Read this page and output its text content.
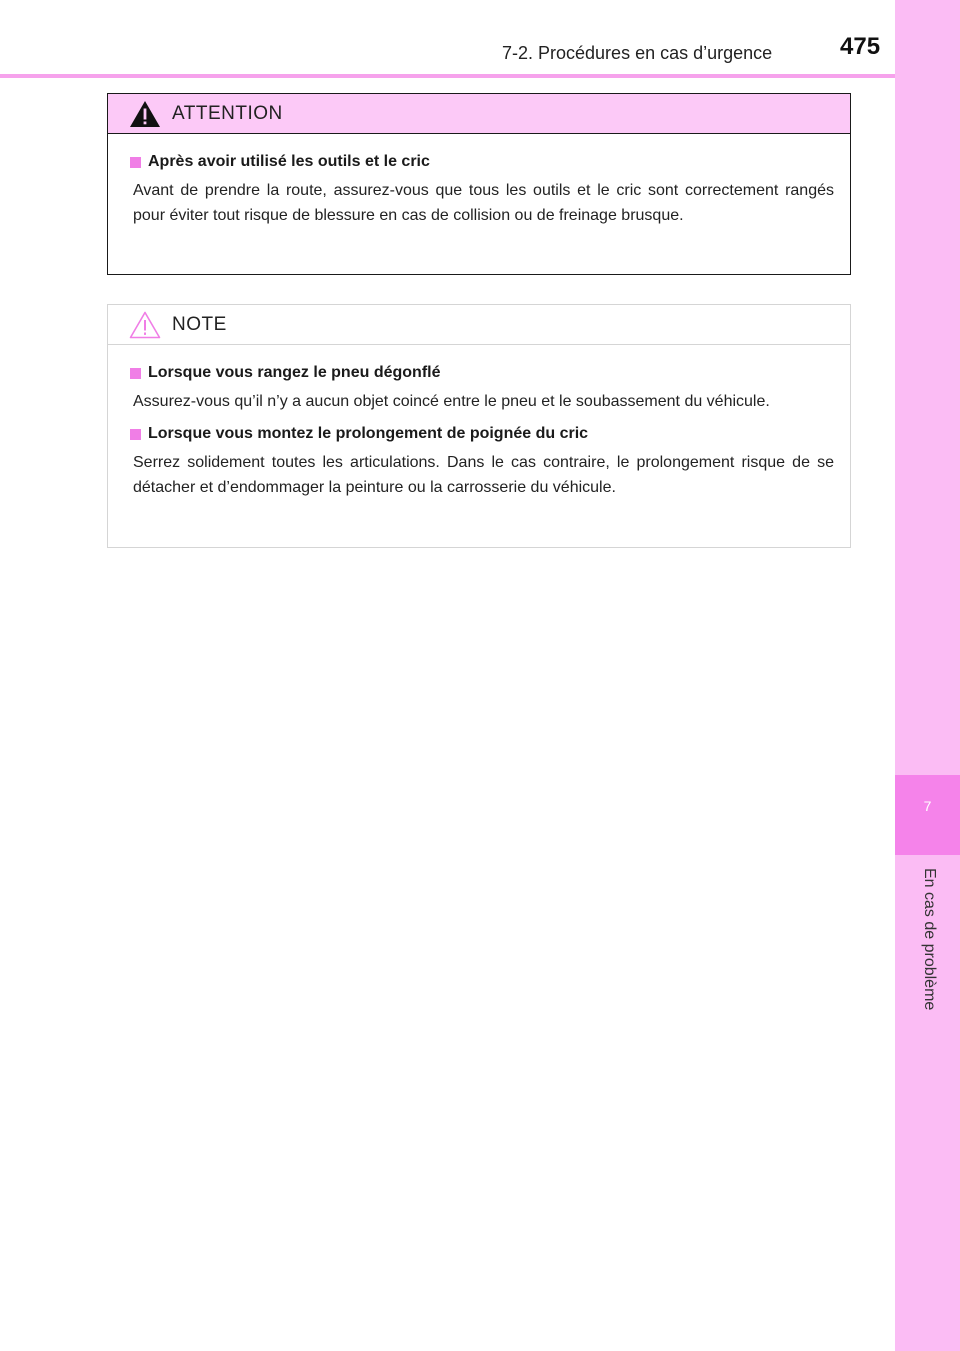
7-2. Procédures en cas d’urgence	475
7
En cas de problème
ATTENTION
Après avoir utilisé les outils et le cric
Avant de prendre la route, assurez-vous que tous les outils et le cric sont correctement rangés pour éviter tout risque de blessure en cas de collision ou de freinage brusque.
NOTE
Lorsque vous rangez le pneu dégonflé
Assurez-vous qu’il n’y a aucun objet coincé entre le pneu et le soubassement du véhicule.
Lorsque vous montez le prolongement de poignée du cric
Serrez solidement toutes les articulations. Dans le cas contraire, le prolongement risque de se détacher et d’endommager la peinture ou la carrosserie du véhicule.
